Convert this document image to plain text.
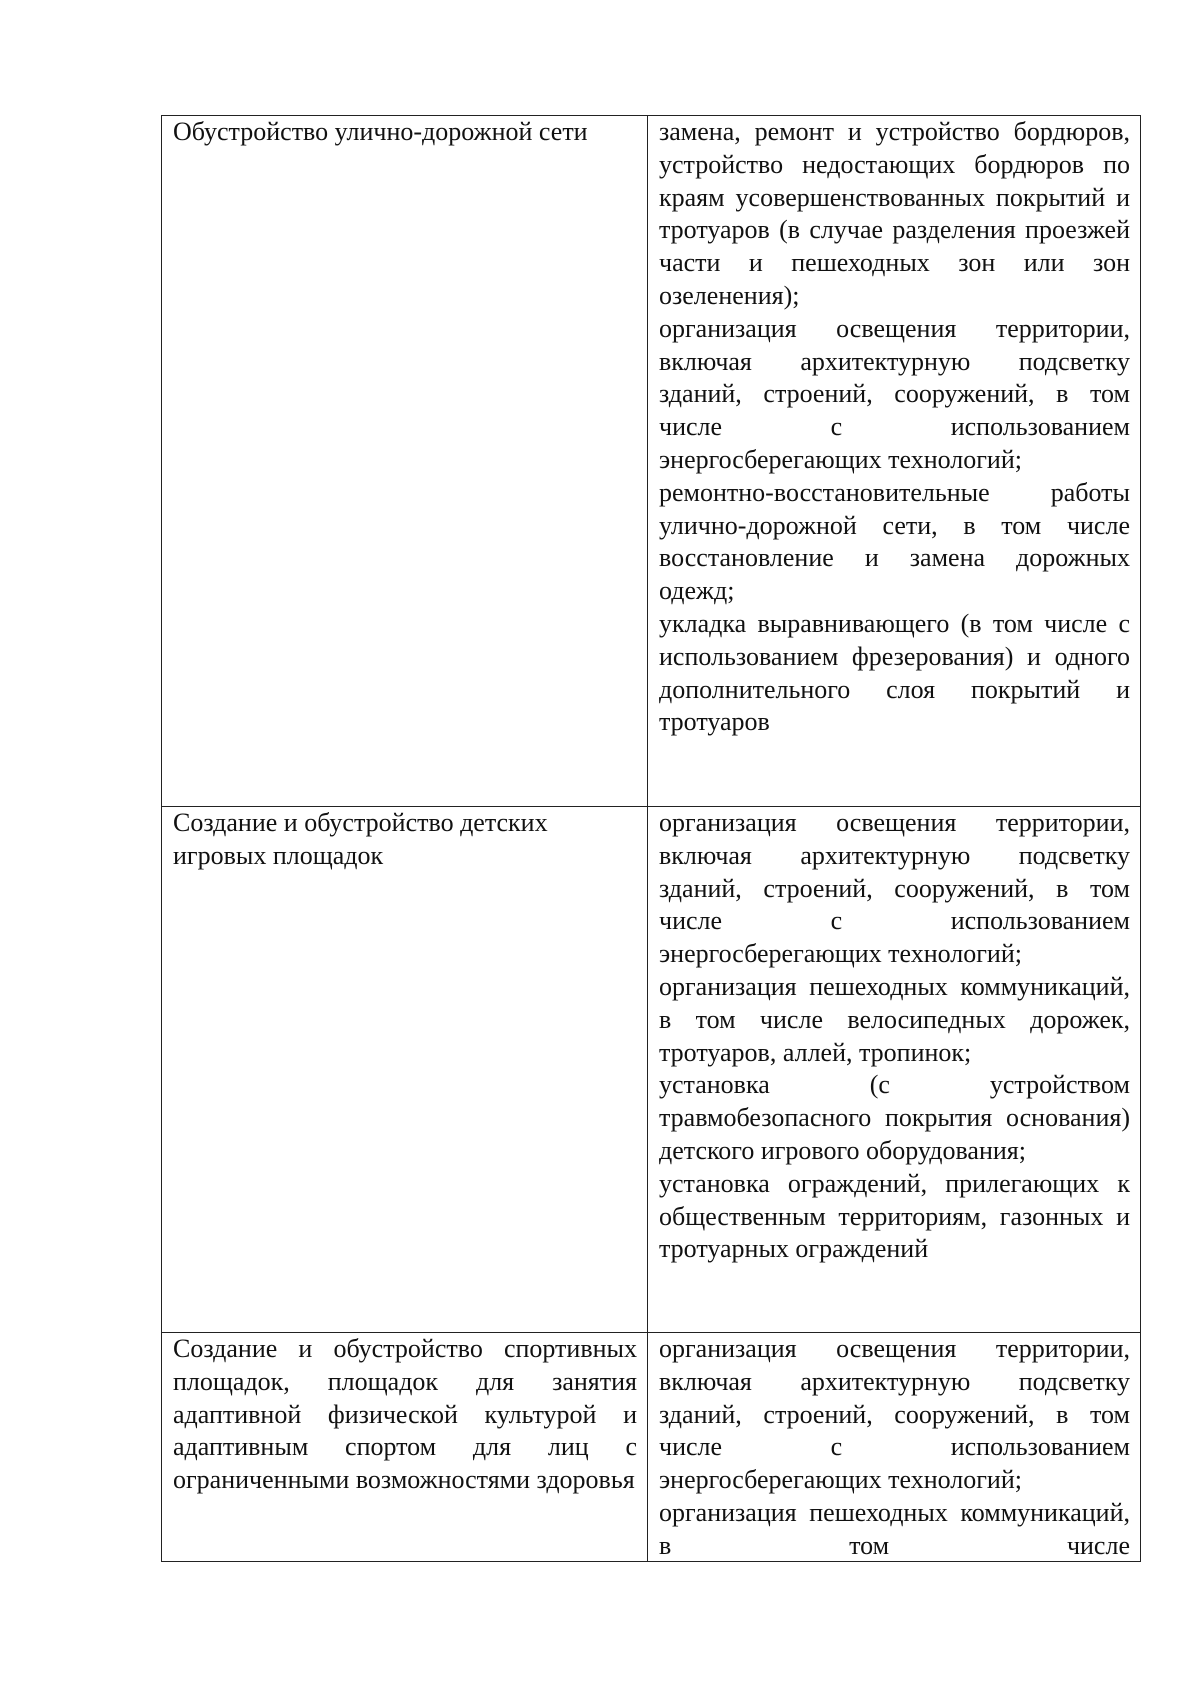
Обустройство улично-дорожной сети	замена, ремонт и устройство бордюров, устройство недостающих бордюров по краям усовершенствованных покрытий и тротуаров (в случае разделения проезжей части и пешеходных зон или зон озеленения);
организация освещения территории, включая архитектурную подсветку зданий, строений, сооружений, в том числе с использованием энергосберегающих технологий;
ремонтно-восстановительные работы улично-дорожной сети, в том числе восстановление и замена дорожных одежд;
укладка выравнивающего (в том числе с использованием фрезерования) и одного дополнительного слоя покрытий и тротуаров

Создание и обустройство детских игровых площадок	организация освещения территории, включая архитектурную подсветку зданий, строений, сооружений, в том числе с использованием энергосберегающих технологий;
организация пешеходных коммуникаций, в том числе велосипедных дорожек, тротуаров, аллей, тропинок;
установка (с устройством травмобезопасного покрытия основания) детского игрового оборудования;
установка ограждений, прилегающих к общественным территориям, газонных и тротуарных ограждений

Создание и обустройство спортивных площадок, площадок для занятия адаптивной физической культурой и адаптивным спортом для лиц с ограниченными возможностями здоровья	организация освещения территории, включая архитектурную подсветку зданий, строений, сооружений, в том числе с использованием энергосберегающих технологий;
организация пешеходных коммуникаций, в том числе
